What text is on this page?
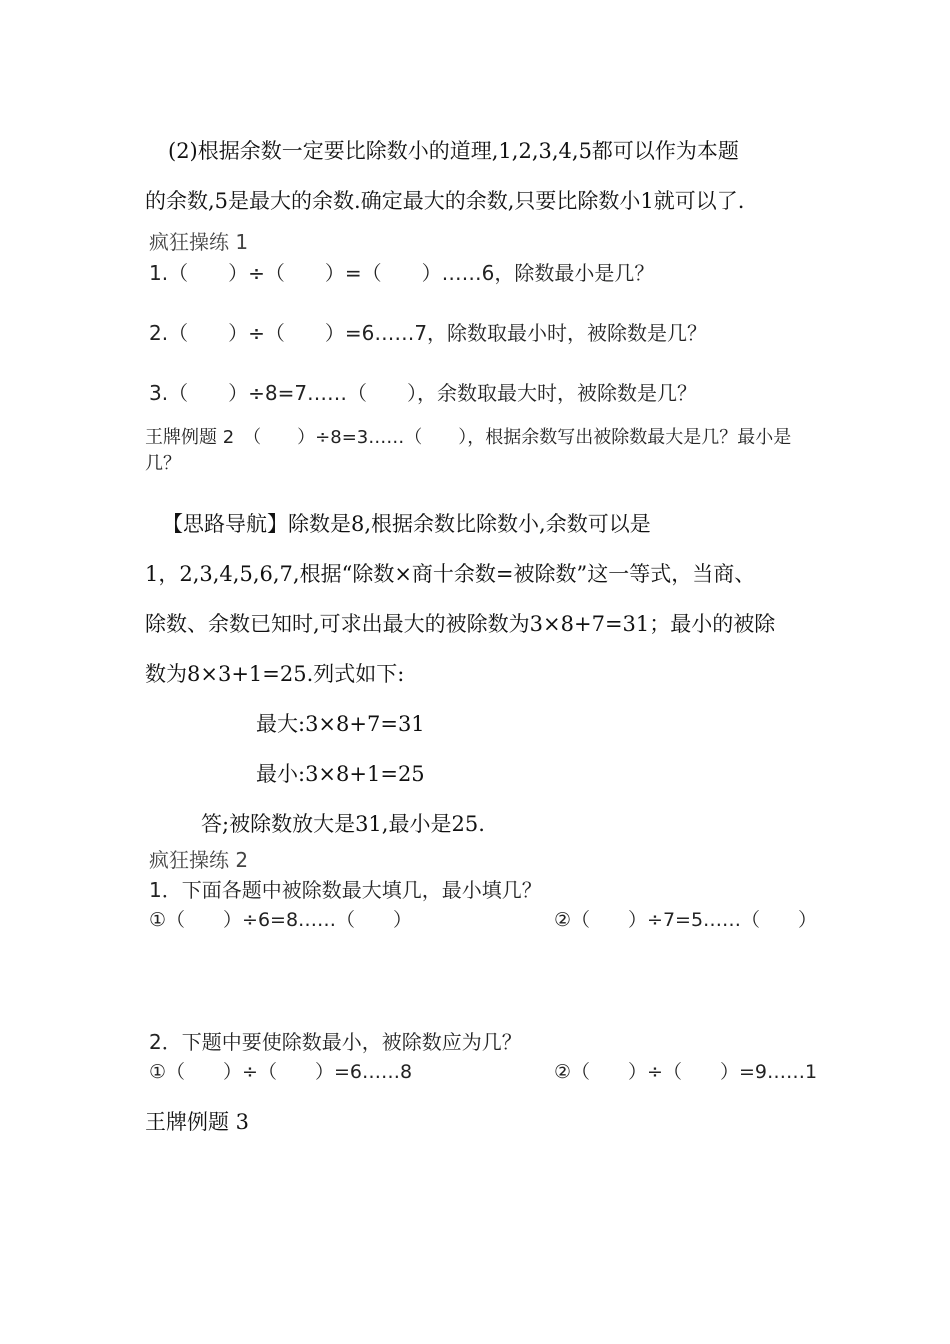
(2)根据余数一定要比除数小的道理,1,2,3,4,5都可以作为本题
的余数,5是最大的余数.确定最大的余数,只要比除数小1就可以了.
疯狂操练 1
1.（　　）÷（　　）=（　　）……6，除数最小是几？
2.（　　）÷（　　）=6……7，除数取最小时，被除数是几？
3.（　　）÷8=7……（　　），余数取最大时，被除数是几？
王牌例题 2　（　　）÷8=3……（　　），根据余数写出被除数最大是几？最小是
几？
【思路导航】除数是8,根据余数比除数小,余数可以是
1，2,3,4,5,6,7,根据“除数×商十余数=被除数”这一等式，当商、
除数、余数已知时,可求出最大的被除数为3×8+7=31；最小的被除
数为8×3+1=25.列式如下:
最大:3×8+7=31
最小:3×8+1=25
答;被除数放大是31,最小是25.
疯狂操练 2
1．下面各题中被除数最大填几，最小填几？
①（　　）÷6=8……（　　）	②（　　）÷7=5……（　　）
2．下题中要使除数最小，被除数应为几？
①（　　）÷（　　）=6……8	②（　　）÷（　　）=9……1
王牌例题 3
